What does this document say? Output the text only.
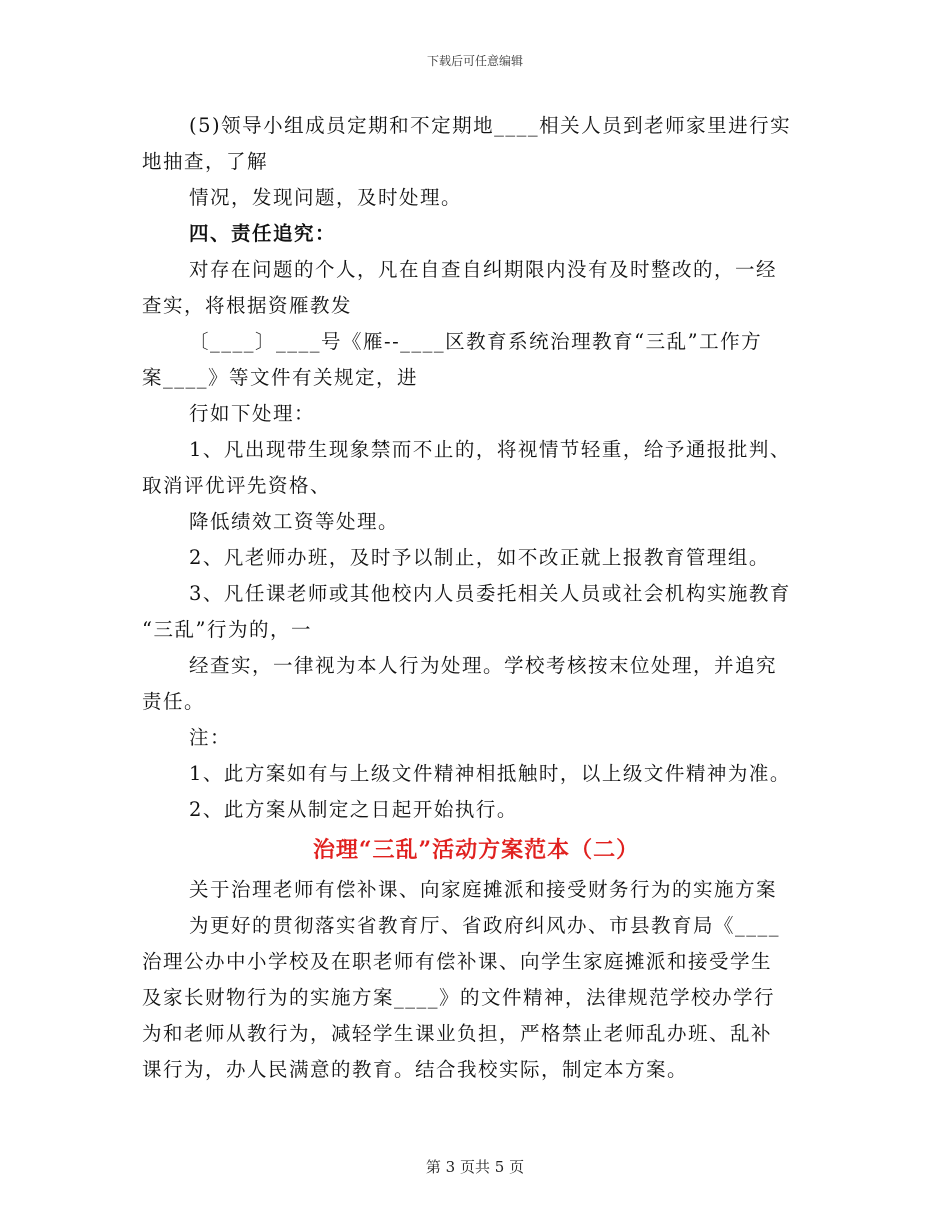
下载后可任意编辑

(5)领导小组成员定期和不定期地____相关人员到老师家里进行实

地抽查，了解

情况，发现问题，及时处理。

四、责任追究：

对存在问题的个人，凡在自查自纠期限内没有及时整改的，一经

查实，将根据资雁教发

〔____〕____号《雁--____区教育系统治理教育“三乱”工作方

案____》等文件有关规定，进

行如下处理：

1、凡出现带生现象禁而不止的，将视情节轻重，给予通报批判、

取消评优评先资格、

降低绩效工资等处理。

2、凡老师办班，及时予以制止，如不改正就上报教育管理组。

3、凡任课老师或其他校内人员委托相关人员或社会机构实施教育

“三乱”行为的，一

经查实，一律视为本人行为处理。学校考核按末位处理，并追究

责任。

注：

1、此方案如有与上级文件精神相抵触时，以上级文件精神为准。

2、此方案从制定之日起开始执行。

治理“三乱”活动方案范本（二）

关于治理老师有偿补课、向家庭摊派和接受财务行为的实施方案

为更好的贯彻落实省教育厅、省政府纠风办、市县教育局《____

治理公办中小学校及在职老师有偿补课、向学生家庭摊派和接受学生

及家长财物行为的实施方案____》的文件精神，法律规范学校办学行

为和老师从教行为，减轻学生课业负担，严格禁止老师乱办班、乱补

课行为，办人民满意的教育。结合我校实际，制定本方案。

第 3 页共 5 页
